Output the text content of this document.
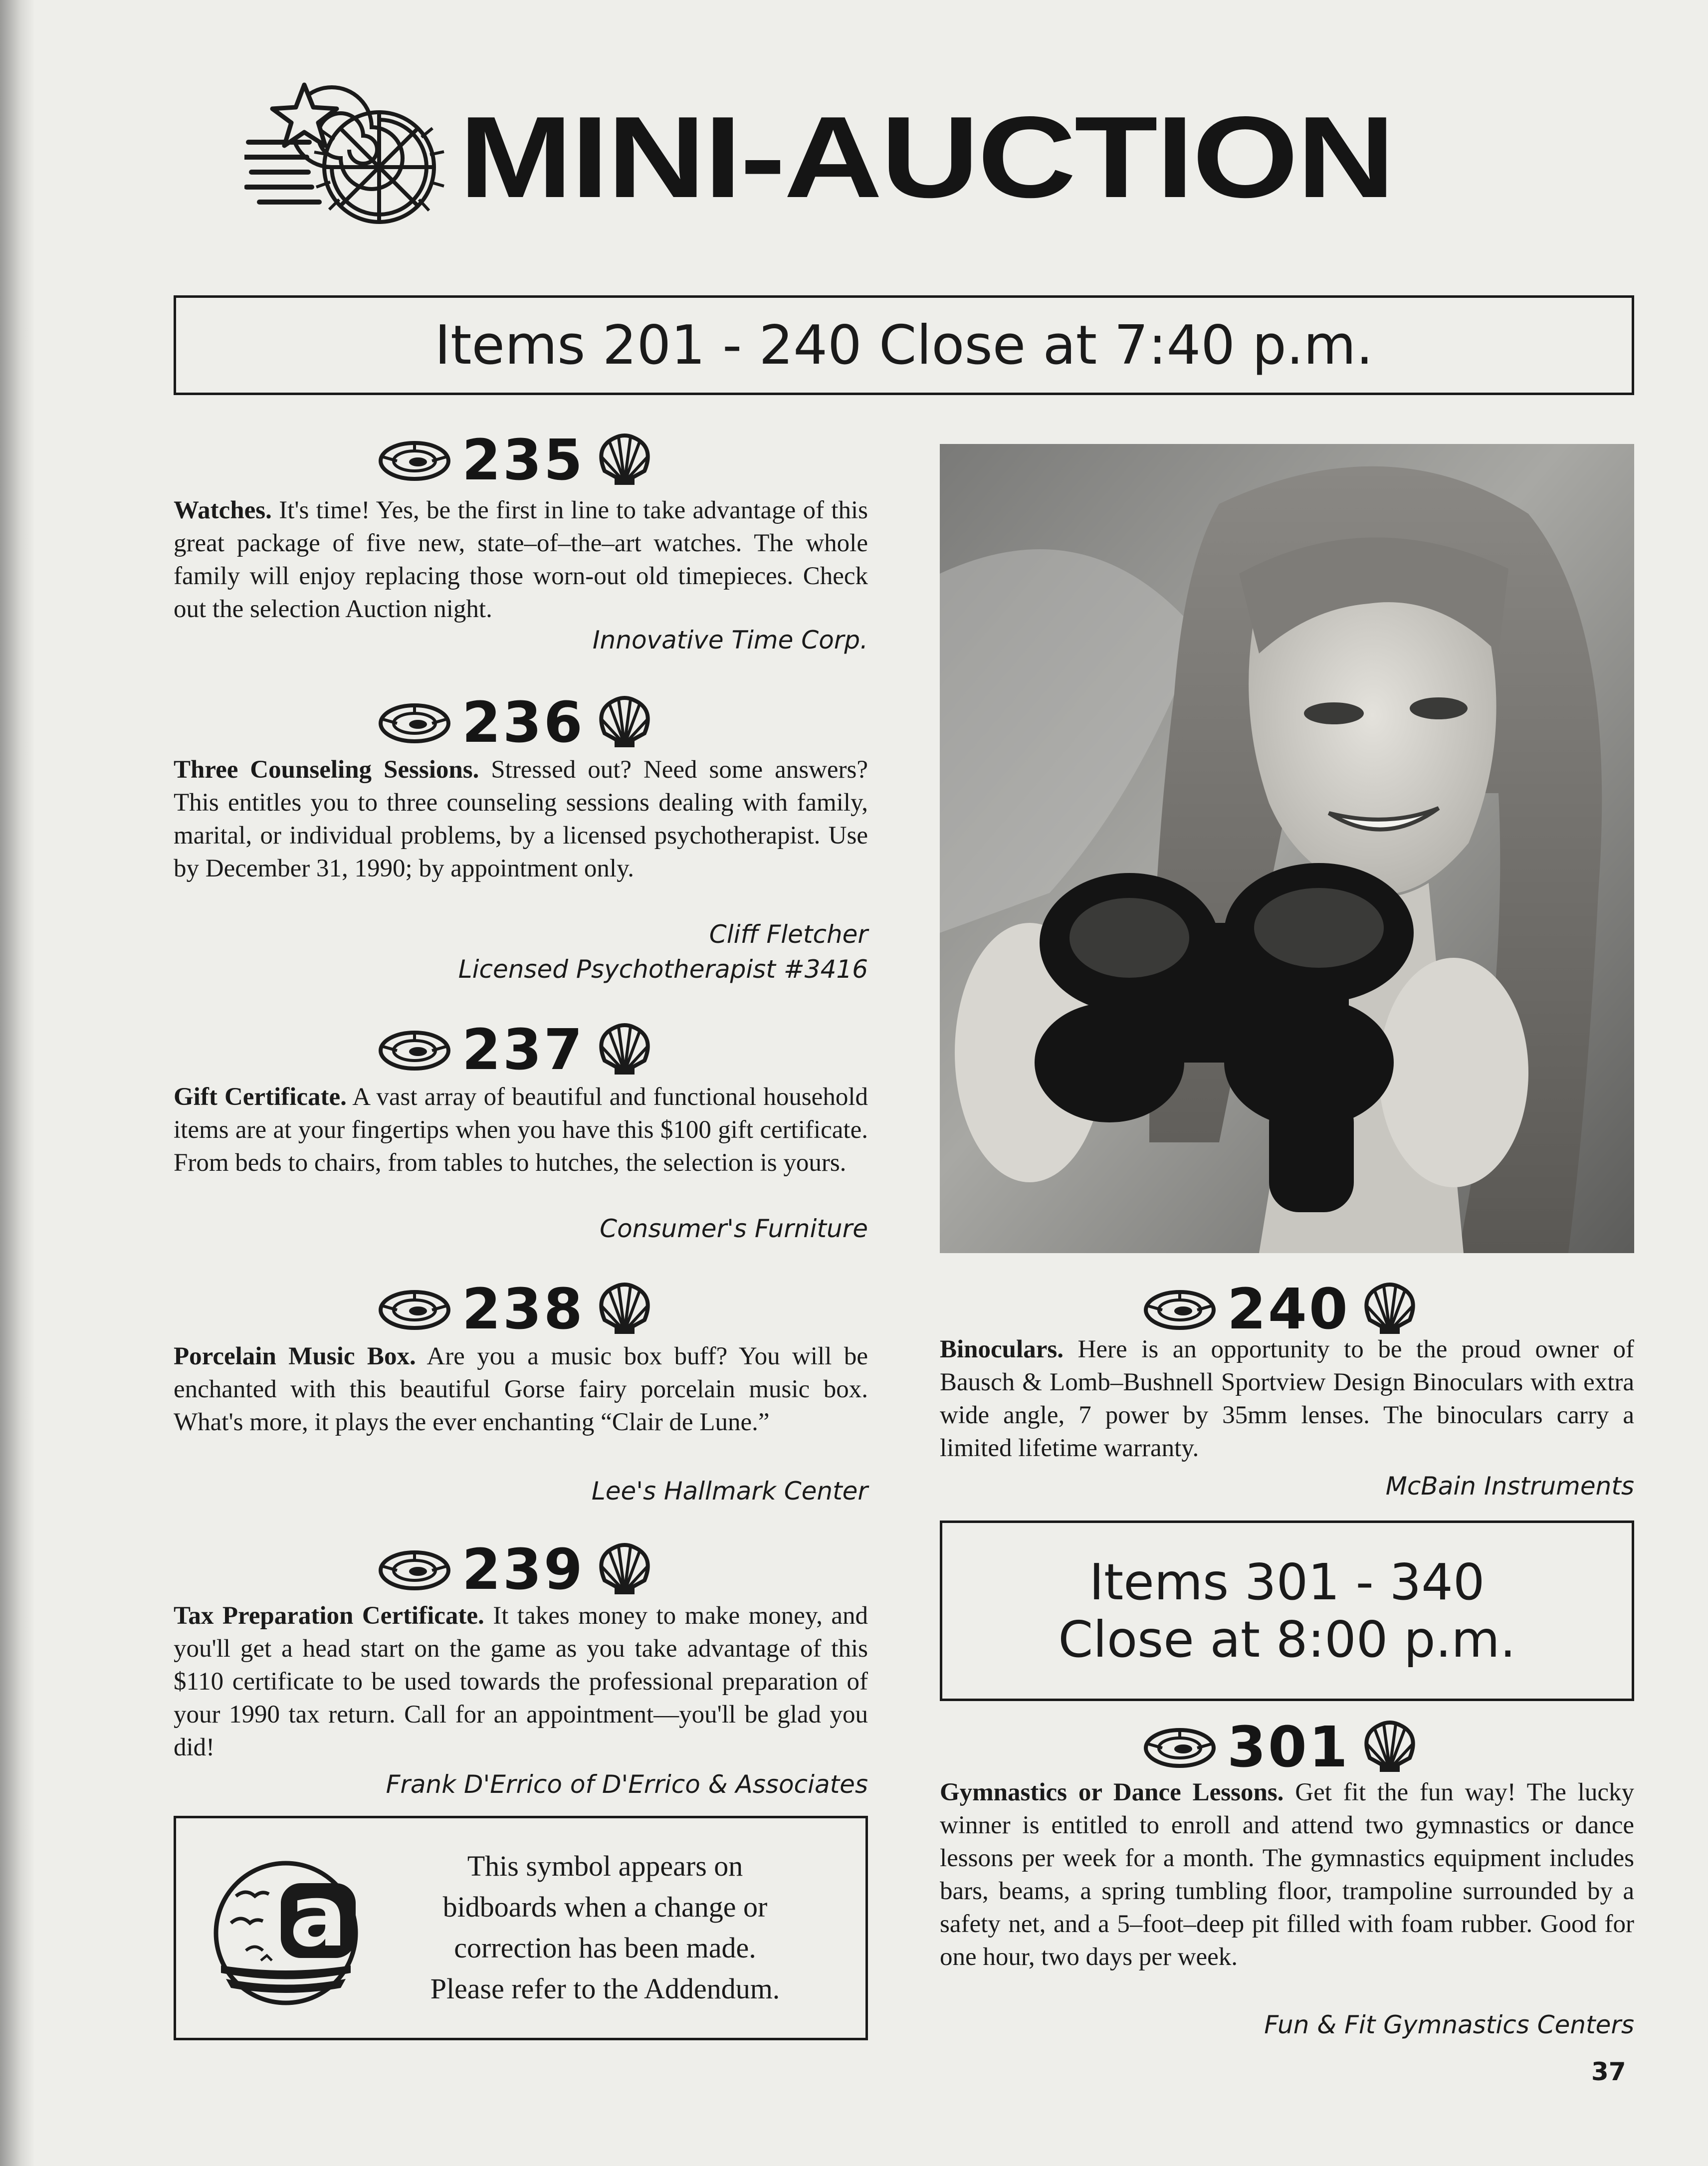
MINI-AUCTION
Items 201 - 240 Close at 7:40 p.m.
235
Watches. It's time! Yes, be the first in line to take advantage of this great package of five new, state–of–the–art watches. The whole family will enjoy replacing those worn-out old timepieces. Check out the selection Auction night.
Innovative Time Corp.
236
Three Counseling Sessions. Stressed out? Need some answers? This entitles you to three counseling sessions dealing with family, marital, or individual problems, by a licensed psychotherapist. Use by December 31, 1990; by appointment only.
Cliff Fletcher
Licensed Psychotherapist #3416
237
Gift Certificate. A vast array of beautiful and functional household items are at your fingertips when you have this $100 gift certificate. From beds to chairs, from tables to hutches, the selection is yours.
Consumer's Furniture
238
Porcelain Music Box. Are you a music box buff? You will be enchanted with this beautiful Gorse fairy porcelain music box. What's more, it plays the ever enchanting “Clair de Lune.”
Lee's Hallmark Center
239
Tax Preparation Certificate. It takes money to make money, and you'll get a head start on the game as you take advantage of this $110 certificate to be used towards the professional preparation of your 1990 tax return. Call for an appointment—you'll be glad you did!
Frank D'Errico of D'Errico & Associates
a
This symbol appears on
bidboards when a change or
correction has been made.
Please refer to the Addendum.
240
Binoculars. Here is an opportunity to be the proud owner of Bausch & Lomb–Bushnell Sportview Design Binoculars with extra wide angle, 7 power by 35mm lenses. The binoculars carry a limited lifetime warranty.
McBain Instruments
Items 301 - 340
Close at 8:00 p.m.
301
Gymnastics or Dance Lessons. Get fit the fun way! The lucky winner is entitled to enroll and attend two gymnastics or dance lessons per week for a month. The gymnastics equipment includes bars, beams, a spring tumbling floor, trampoline surrounded by a safety net, and a 5–foot–deep pit filled with foam rubber. Good for one hour, two days per week.
Fun & Fit Gymnastics Centers
37
